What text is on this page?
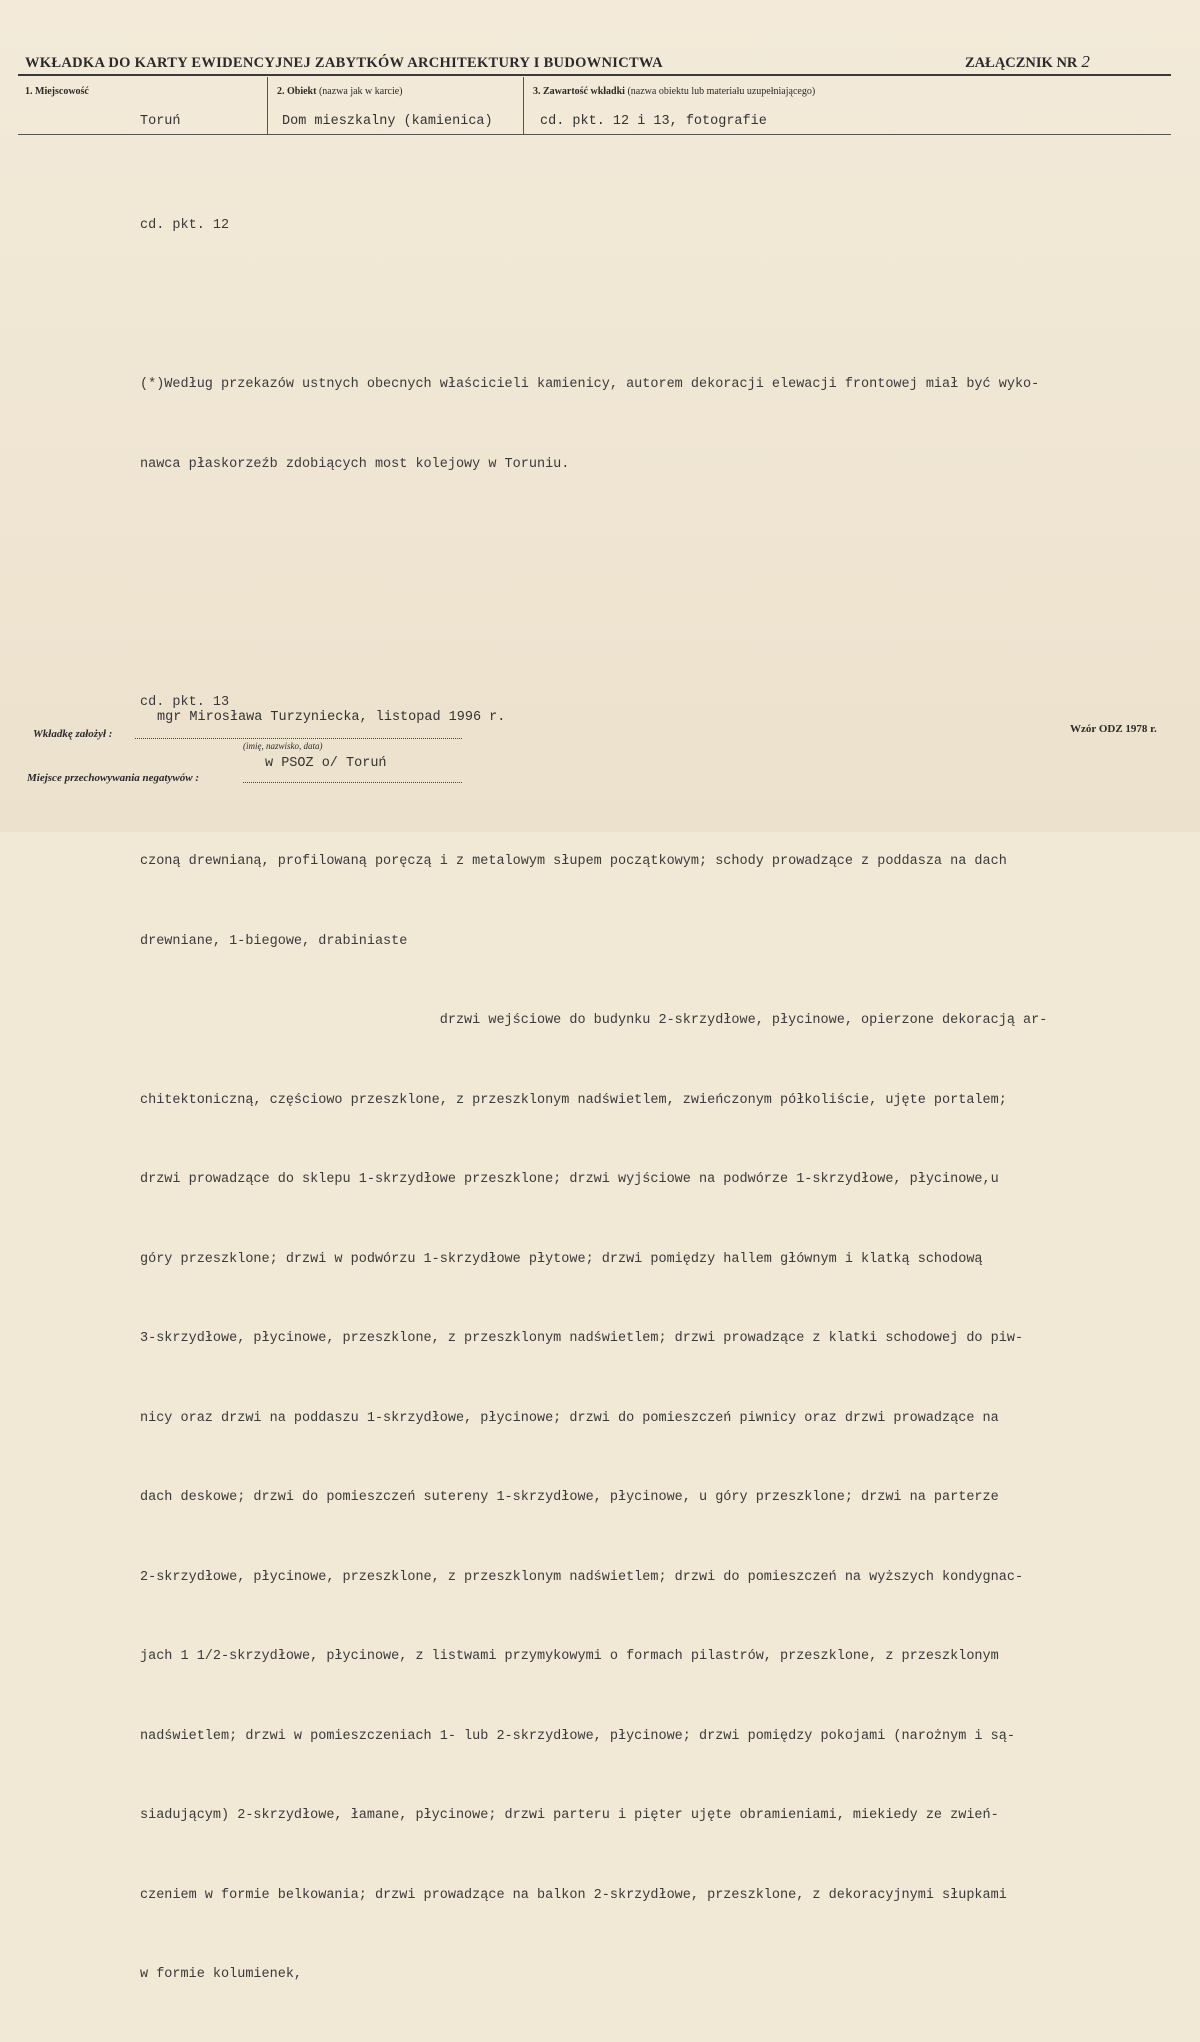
WKŁADKA DO KARTY EWIDENCYJNEJ ZABYTKÓW ARCHITEKTURY I BUDOWNICTWA	ZAŁĄCZNIK NR 2
1. Miejscowość
Toruń
2. Obiekt (nazwa jak w karcie)
Dom mieszkalny (kamienica)
3. Zawartość wkładki (nazwa obiektu lub materiału uzupełniającego)
cd. pkt. 12 i 13, fotografie

cd. pkt. 12

(*)Według przekazów ustnych obecnych właścicieli kamienicy, autorem dekoracji elewacji frontowej miał być wyko-

nawca płaskorzeźb zdobiących most kolejowy w Toruniu.

cd. pkt. 13

czoną drewnianą, profilowaną poręczą i z metalowym słupem początkowym; schody prowadzące z poddasza na dach

drewniane, 1-biegowe, drabiniaste

drzwi wejściowe do budynku 2-skrzydłowe, płycinowe, opierzone dekoracją ar-

chitektoniczną, częściowo przeszklone, z przeszklonym nadświetlem, zwieńczonym półkoliście, ujęte portalem;

drzwi prowadzące do sklepu 1-skrzydłowe przeszklone; drzwi wyjściowe na podwórze 1-skrzydłowe, płycinowe,u

góry przeszklone; drzwi w podwórzu 1-skrzydłowe płytowe; drzwi pomiędzy hallem głównym i klatką schodową

3-skrzydłowe, płycinowe, przeszklone, z przeszklonym nadświetlem; drzwi prowadzące z klatki schodowej do piw-

nicy oraz drzwi na poddaszu 1-skrzydłowe, płycinowe; drzwi do pomieszczeń piwnicy oraz drzwi prowadzące na

dach deskowe; drzwi do pomieszczeń sutereny 1-skrzydłowe, płycinowe, u góry przeszklone; drzwi na parterze

2-skrzydłowe, płycinowe, przeszklone, z przeszklonym nadświetlem; drzwi do pomieszczeń na wyższych kondygnac-

jach 1 1/2-skrzydłowe, płycinowe, z listwami przymykowymi o formach pilastrów, przeszklone, z przeszklonym

nadświetlem; drzwi w pomieszczeniach 1- lub 2-skrzydłowe, płycinowe; drzwi pomiędzy pokojami (narożnym i są-

siadującym) 2-skrzydłowe, łamane, płycinowe; drzwi parteru i pięter ujęte obramieniami, miekiedy ze zwień-

czeniem w formie belkowania; drzwi prowadzące na balkon 2-skrzydłowe, przeszklone, z dekoracyjnymi słupkami

w formie kolumienek,

mgr Mirosława Turzyniecka, listopad 1996 r.
Wkładkę założył :
(imię, nazwisko, data)
w PSOZ o/ Toruń
Miejsce przechowywania negatywów :
Wzór ODZ 1978 r.
